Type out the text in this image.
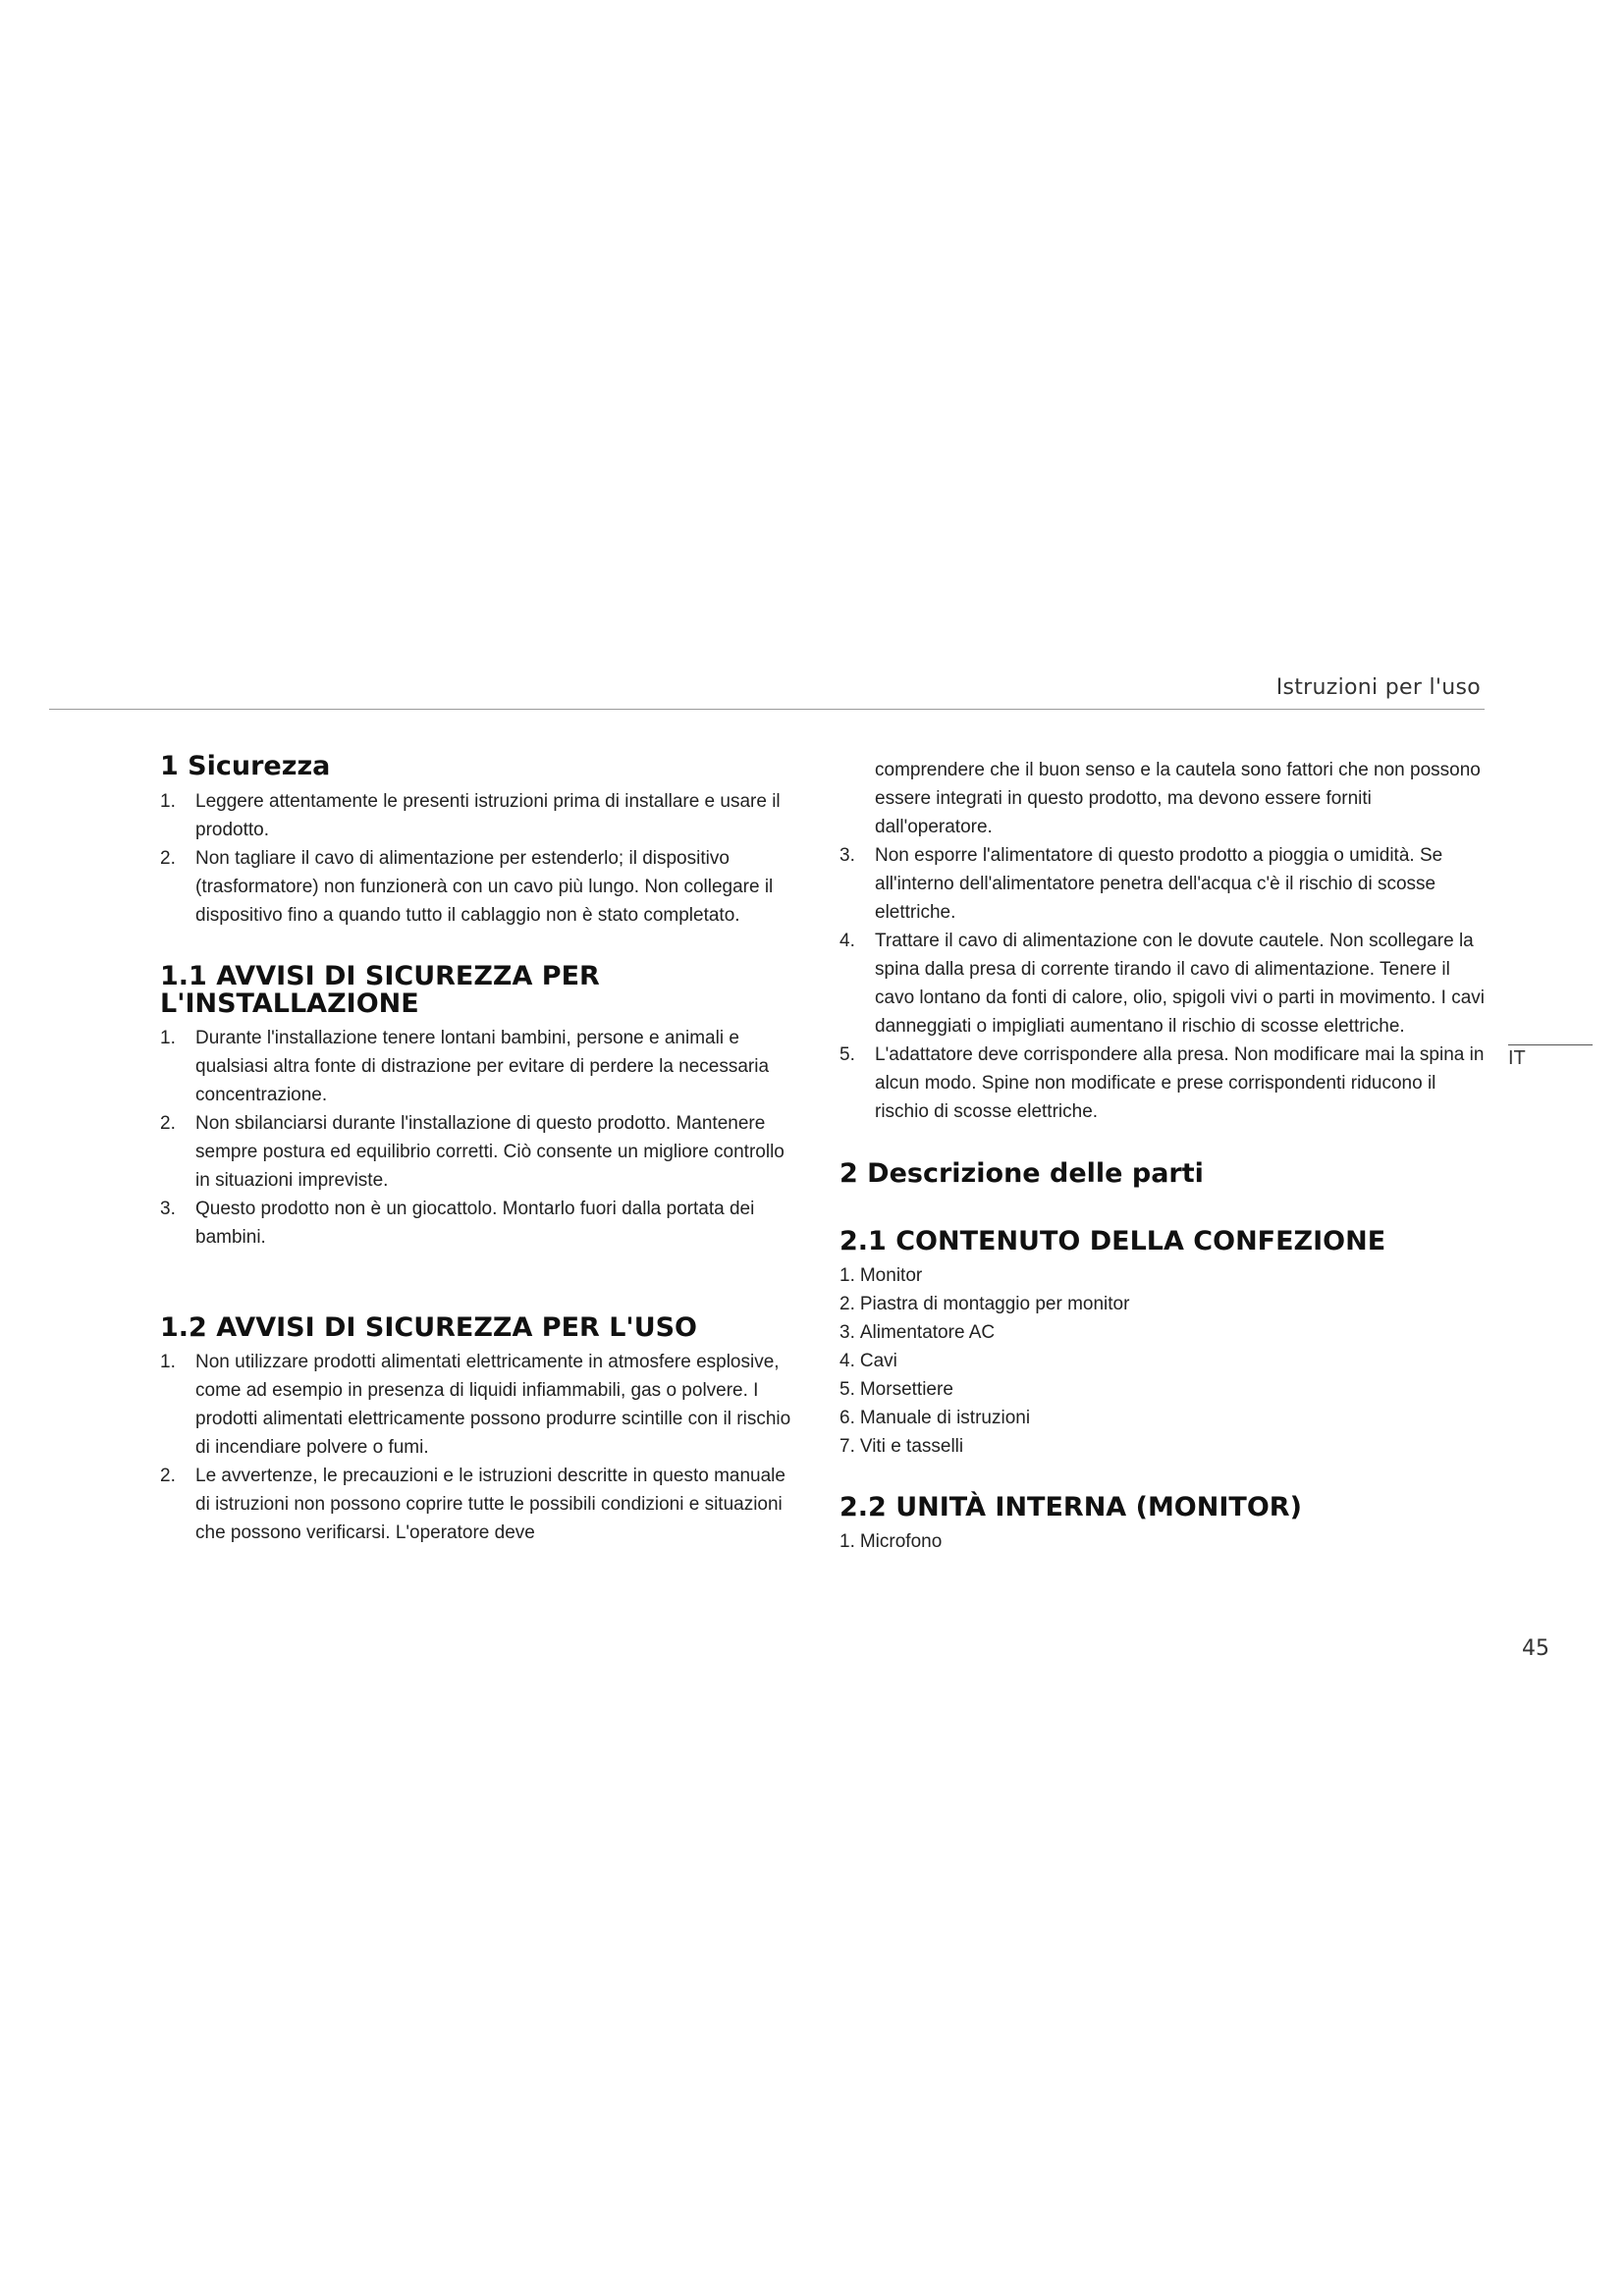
Istruzioni per l'uso
IT
45
1 Sicurezza
1. Leggere attentamente le presenti istruzioni prima di installare e usare il prodotto.
2. Non tagliare il cavo di alimentazione per estenderlo; il dispositivo (trasformatore) non funzionerà con un cavo più lungo. Non collegare il dispositivo fino a quando tutto il cablaggio non è stato completato.
1.1 AVVISI DI SICUREZZA PER L'INSTALLAZIONE
1. Durante l'installazione tenere lontani bambini, persone e animali e qualsiasi altra fonte di distrazione per evitare di perdere la necessaria concentrazione.
2. Non sbilanciarsi durante l'installazione di questo prodotto. Mantenere sempre postura ed equilibrio corretti. Ciò consente un migliore controllo in situazioni impreviste.
3. Questo prodotto non è un giocattolo. Montarlo fuori dalla portata dei bambini.
1.2 AVVISI DI SICUREZZA PER L'USO
1. Non utilizzare prodotti alimentati elettricamente in atmosfere esplosive, come ad esempio in presenza di liquidi infiammabili, gas o polvere. I prodotti alimentati elettricamente possono produrre scintille con il rischio di incendiare polvere o fumi.
2. Le avvertenze, le precauzioni e le istruzioni descritte in questo manuale di istruzioni non possono coprire tutte le possibili condizioni e situazioni che possono verificarsi. L'operatore deve
comprendere che il buon senso e la cautela sono fattori che non possono essere integrati in questo prodotto, ma devono essere forniti dall'operatore.
3. Non esporre l'alimentatore di questo prodotto a pioggia o umidità. Se all'interno dell'alimentatore penetra dell'acqua c'è il rischio di scosse elettriche.
4. Trattare il cavo di alimentazione con le dovute cautele. Non scollegare la spina dalla presa di corrente tirando il cavo di alimentazione. Tenere il cavo lontano da fonti di calore, olio, spigoli vivi o parti in movimento. I cavi danneggiati o impigliati aumentano il rischio di scosse elettriche.
5. L'adattatore deve corrispondere alla presa. Non modificare mai la spina in alcun modo. Spine non modificate e prese corrispondenti riducono il rischio di scosse elettriche.
2 Descrizione delle parti
2.1 CONTENUTO DELLA CONFEZIONE
1. Monitor
2. Piastra di montaggio per monitor
3. Alimentatore AC
4. Cavi
5. Morsettiere
6. Manuale di istruzioni
7. Viti e tasselli
2.2 UNITÀ INTERNA (MONITOR)
1. Microfono
